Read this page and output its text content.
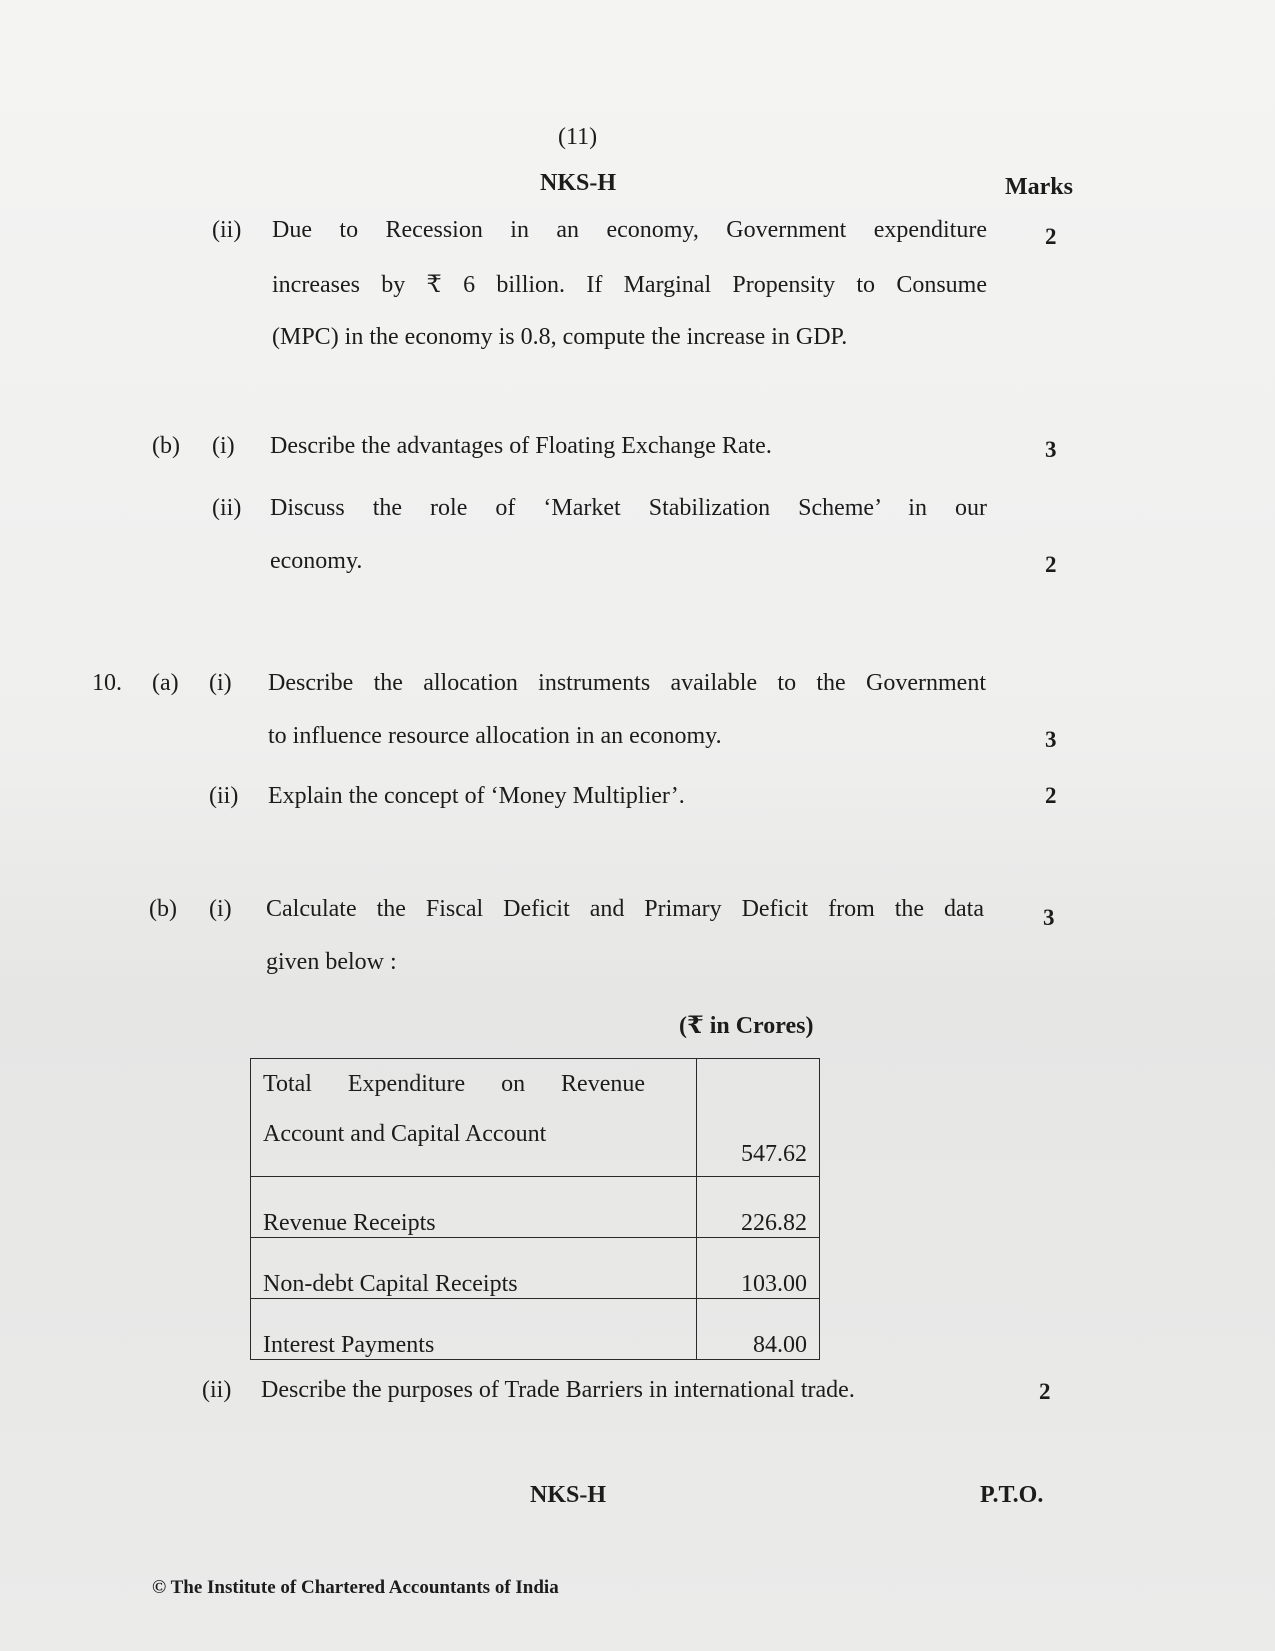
(11)
NKS-H	Marks
(ii) Due to Recession in an economy, Government expenditure
increases by ₹ 6 billion. If Marginal Propensity to Consume
(MPC) in the economy is 0.8, compute the increase in GDP.
2
(b) (i) Describe the advantages of Floating Exchange Rate.	3
(ii) Discuss the role of ‘Market Stabilization Scheme’ in our
economy.	2
10. (a) (i) Describe the allocation instruments available to the Government
to influence resource allocation in an economy.	3
(ii) Explain the concept of ‘Money Multiplier’.	2
(b) (i) Calculate the Fiscal Deficit and Primary Deficit from the data
given below :
3
(₹ in Crores)
Total Expenditure on Revenue
Account and Capital Account	547.62
Revenue Receipts	226.82
Non-debt Capital Receipts	103.00
Interest Payments	84.00
(ii) Describe the purposes of Trade Barriers in international trade.	2
NKS-H	P.T.O.
© The Institute of Chartered Accountants of India
